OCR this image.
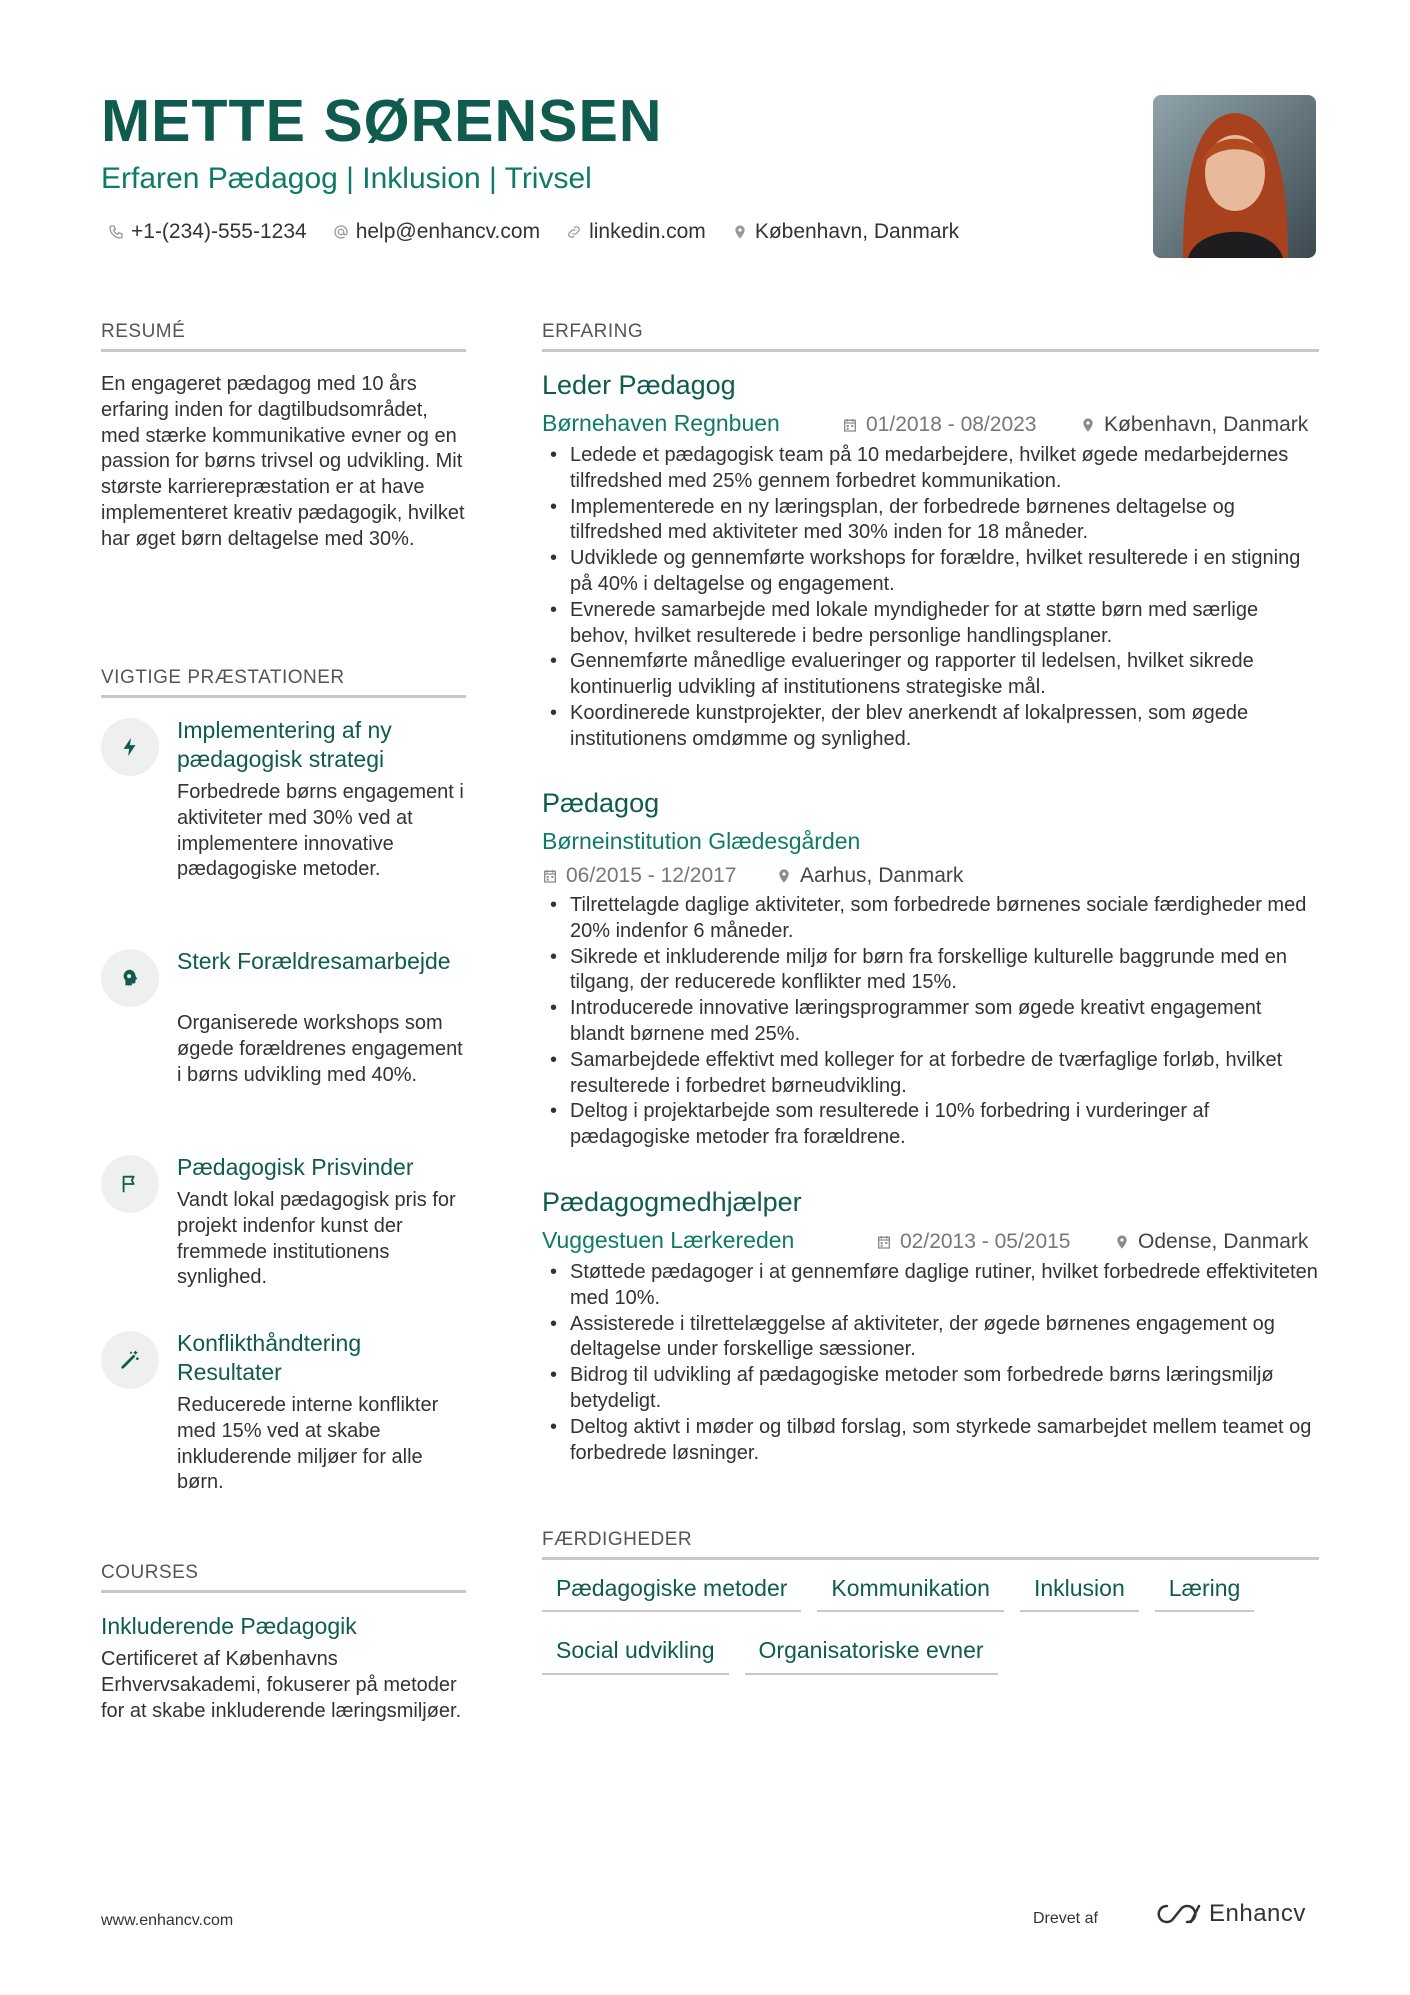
METTE SØRENSEN
Erfaren Pædagog | Inklusion | Trivsel
+1-(234)-555-1234 help@enhancv.com linkedin.com København, Danmark
RESUMÉ
En engageret pædagog med 10 års erfaring inden for dagtilbudsområdet, med stærke kommunikative evner og en passion for børns trivsel og udvikling. Mit største karrierepræstation er at have implementeret kreativ pædagogik, hvilket har øget børn deltagelse med 30%.
VIGTIGE PRÆSTATIONER
Implementering af ny pædagogisk strategi
Forbedrede børns engagement i aktiviteter med 30% ved at implementere innovative pædagogiske metoder.
Sterk Forældresamarbejde
Organiserede workshops som øgede forældrenes engagement i børns udvikling med 40%.
Pædagogisk Prisvinder
Vandt lokal pædagogisk pris for projekt indenfor kunst der fremmede institutionens synlighed.
Konflikthåndtering Resultater
Reducerede interne konflikter med 15% ved at skabe inkluderende miljøer for alle børn.
COURSES
Inkluderende Pædagogik
Certificeret af Københavns Erhvervsakademi, fokuserer på metoder for at skabe inkluderende læringsmiljøer.
ERFARING
Leder Pædagog
Børnehaven Regnbuen	01/2018 - 08/2023	København, Danmark
• Ledede et pædagogisk team på 10 medarbejdere, hvilket øgede medarbejdernes tilfredshed med 25% gennem forbedret kommunikation.
• Implementerede en ny læringsplan, der forbedrede børnenes deltagelse og tilfredshed med aktiviteter med 30% inden for 18 måneder.
• Udviklede og gennemførte workshops for forældre, hvilket resulterede i en stigning på 40% i deltagelse og engagement.
• Evnerede samarbejde med lokale myndigheder for at støtte børn med særlige behov, hvilket resulterede i bedre personlige handlingsplaner.
• Gennemførte månedlige evalueringer og rapporter til ledelsen, hvilket sikrede kontinuerlig udvikling af institutionens strategiske mål.
• Koordinerede kunstprojekter, der blev anerkendt af lokalpressen, som øgede institutionens omdømme og synlighed.
Pædagog
Børneinstitution Glædesgården
06/2015 - 12/2017	Aarhus, Danmark
• Tilrettelagde daglige aktiviteter, som forbedrede børnenes sociale færdigheder med 20% indenfor 6 måneder.
• Sikrede et inkluderende miljø for børn fra forskellige kulturelle baggrunde med en tilgang, der reducerede konflikter med 15%.
• Introducerede innovative læringsprogrammer som øgede kreativt engagement blandt børnene med 25%.
• Samarbejdede effektivt med kolleger for at forbedre de tværfaglige forløb, hvilket resulterede i forbedret børneudvikling.
• Deltog i projektarbejde som resulterede i 10% forbedring i vurderinger af pædagogiske metoder fra forældrene.
Pædagogmedhjælper
Vuggestuen Lærkereden	02/2013 - 05/2015	Odense, Danmark
• Støttede pædagoger i at gennemføre daglige rutiner, hvilket forbedrede effektiviteten med 10%.
• Assisterede i tilrettelæggelse af aktiviteter, der øgede børnenes engagement og deltagelse under forskellige sæssioner.
• Bidrog til udvikling af pædagogiske metoder som forbedrede børns læringsmiljø betydeligt.
• Deltog aktivt i møder og tilbød forslag, som styrkede samarbejdet mellem teamet og forbedrede løsninger.
FÆRDIGHEDER
Pædagogiske metoder	Kommunikation	Inklusion	Læring
Social udvikling	Organisatoriske evner
www.enhancv.com	Drevet af	Enhancv
